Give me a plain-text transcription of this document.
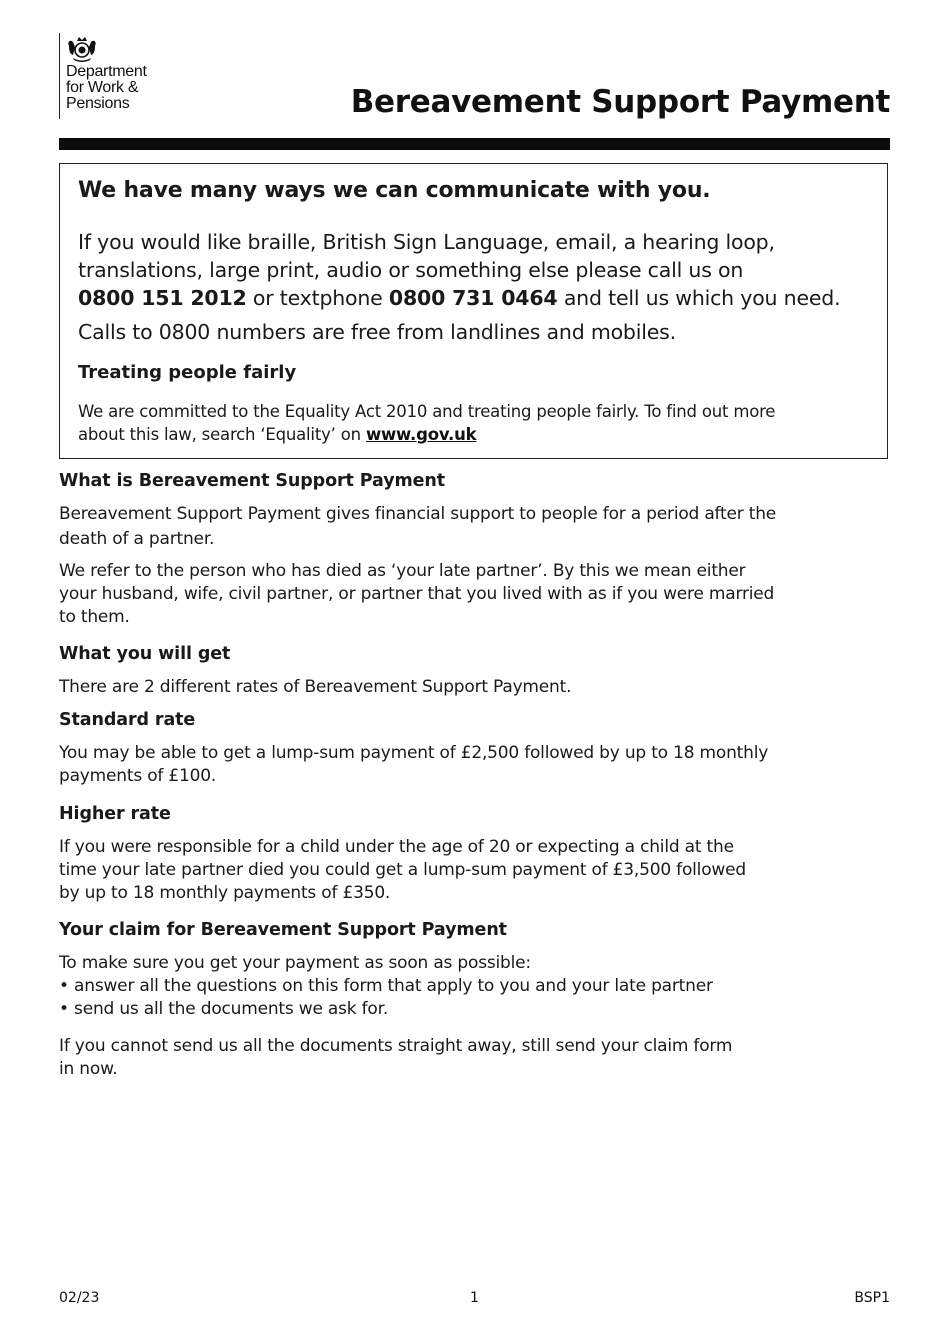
Department
for Work &
Pensions	Bereavement Support Payment
We have many ways we can communicate with you.

If you would like braille, British Sign Language, email, a hearing loop,
translations, large print, audio or something else please call us on
0800 151 2012 or textphone 0800 731 0464 and tell us which you need.

Calls to 0800 numbers are free from landlines and mobiles.

Treating people fairly

We are committed to the Equality Act 2010 and treating people fairly. To find out more
about this law, search ‘Equality’ on www.gov.uk

What is Bereavement Support Payment
Bereavement Support Payment gives financial support to people for a period after the
death of a partner.
We refer to the person who has died as ‘your late partner’. By this we mean either
your husband, wife, civil partner, or partner that you lived with as if you were married
to them.
What you will get
There are 2 different rates of Bereavement Support Payment.
Standard rate
You may be able to get a lump-sum payment of £2,500 followed by up to 18 monthly
payments of £100.
Higher rate
If you were responsible for a child under the age of 20 or expecting a child at the
time your late partner died you could get a lump-sum payment of £3,500 followed
by up to 18 monthly payments of £350.
Your claim for Bereavement Support Payment
To make sure you get your payment as soon as possible:
• answer all the questions on this form that apply to you and your late partner
• send us all the documents we ask for.
If you cannot send us all the documents straight away, still send your claim form
in now.
02/23	1	BSP1
